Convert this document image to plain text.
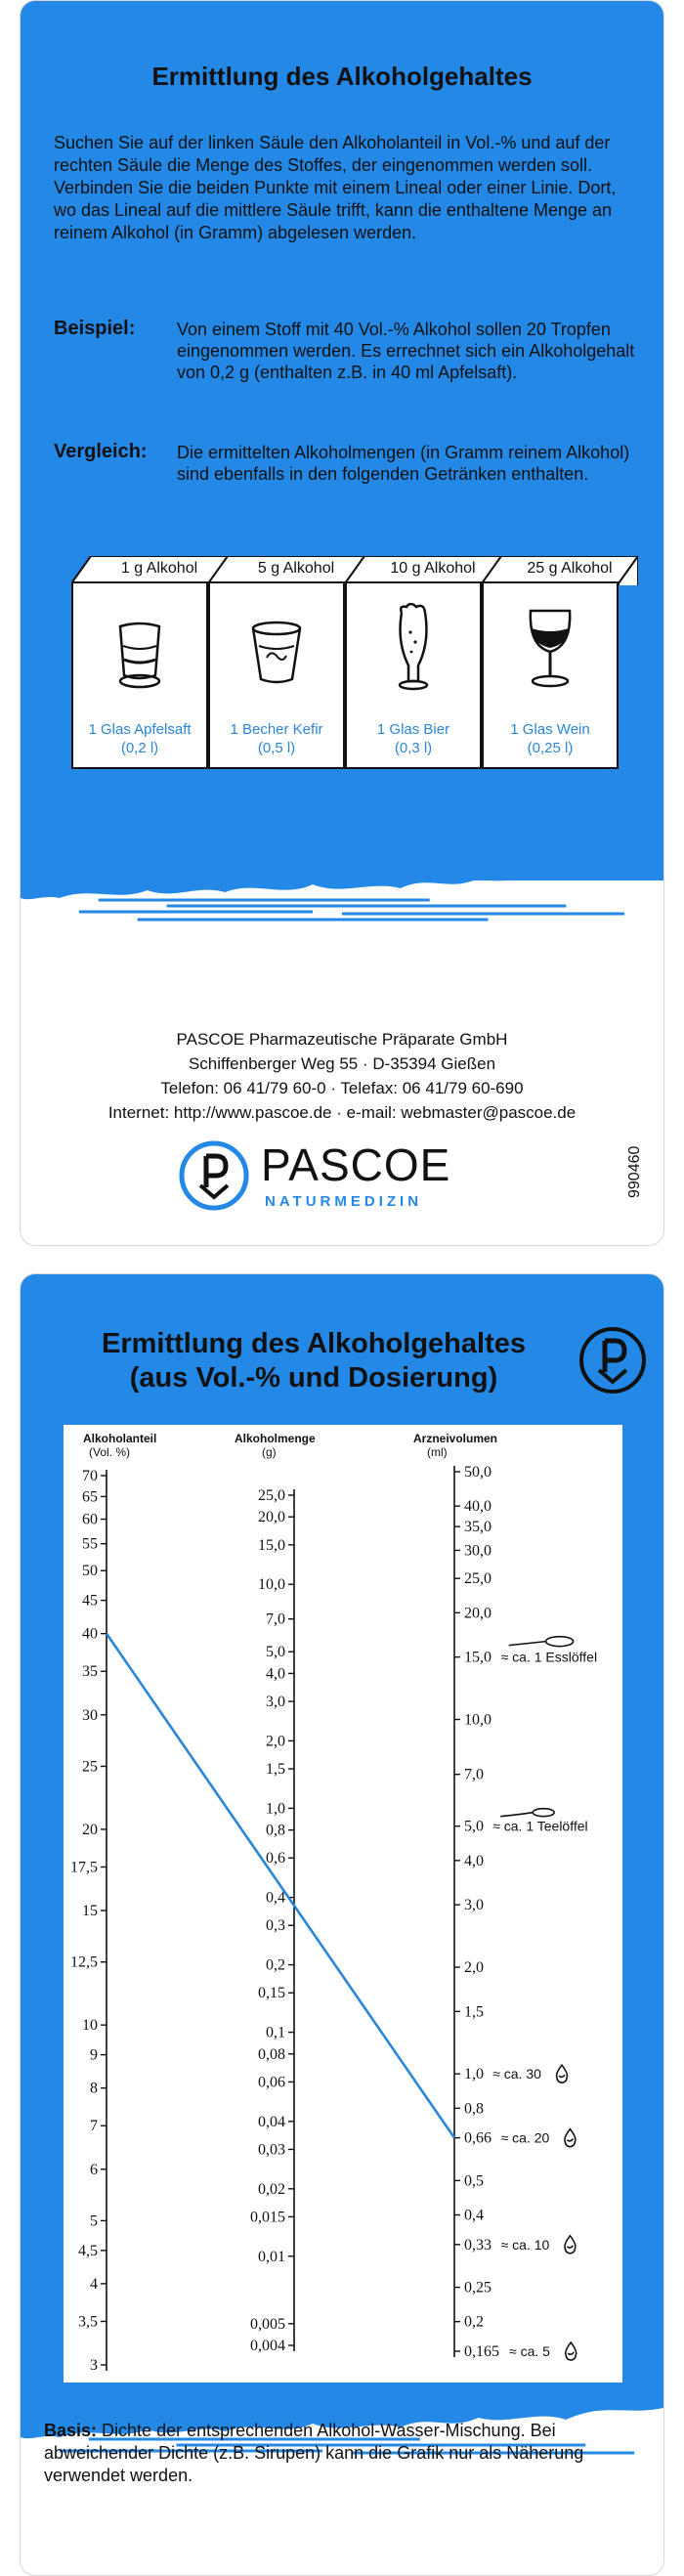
Ermittlung des Alkoholgehaltes
Suchen Sie auf der linken Säule den Alkoholanteil in Vol.-% und auf der rechten Säule die Menge des Stoffes, der eingenommen werden soll. Verbinden Sie die beiden Punkte mit einem Lineal oder einer Linie. Dort, wo das Lineal auf die mittlere Säule trifft, kann die enthaltene Menge an reinem Alkohol (in Gramm) abgelesen werden.
Beispiel: Von einem Stoff mit 40 Vol.-% Alkohol sollen 20 Tropfen eingenommen werden. Es errechnet sich ein Alkoholgehalt von 0,2 g (enthalten z.B. in 40 ml Apfelsaft).
Vergleich: Die ermittelten Alkoholmengen (in Gramm reinem Alkohol) sind ebenfalls in den folgenden Getränken enthalten.
1 g Alkohol	5 g Alkohol	10 g Alkohol	25 g Alkohol
1 Glas Apfelsaft
(0,2 l)
1 Becher Kefir
(0,5 l)
1 Glas Bier
(0,3 l)
1 Glas Wein
(0,25 l)
PASCOE Pharmazeutische Präparate GmbH
Schiffenberger Weg 55 · D-35394 Gießen
Telefon: 06 41/79 60-0 · Telefax: 06 41/79 60-690
Internet: http://www.pascoe.de · e-mail: webmaster@pascoe.de
PASCOE
NATURMEDIZIN
990460
Ermittlung des Alkoholgehaltes
(aus Vol.-% und Dosierung)
Alkoholanteil
(Vol. %)
Alkoholmenge
(g)
Arzneivolumen
(ml)
70
65
60
55
50
45
40
35
30
25
20
17,5
15
12,5
10
9
8
7
6
5
4,5
4
3,5
3
25,0
20,0
15,0
10,0
7,0
5,0
4,0
3,0
2,0
1,5
1,0
0,8
0,6
0,4
0,3
0,2
0,15
0,1
0,08
0,06
0,04
0,03
0,02
0,015
0,01
0,005
0,004
50,0
40,0
35,0
30,0
25,0
20,0
15,0
10,0
7,0
5,0
4,0
3,0
2,0
1,5
1,0
0,8
0,66
0,5
0,4
0,33
0,25
0,2
0,165
≈ ca. 1 Esslöffel
≈ ca. 1 Teelöffel
≈ ca. 30
≈ ca. 20
≈ ca. 10
≈ ca. 5
Basis: Dichte der entsprechenden Alkohol-Wasser-Mischung. Bei abweichender Dichte (z.B. Sirupen) kann die Grafik nur als Näherung verwendet werden.
